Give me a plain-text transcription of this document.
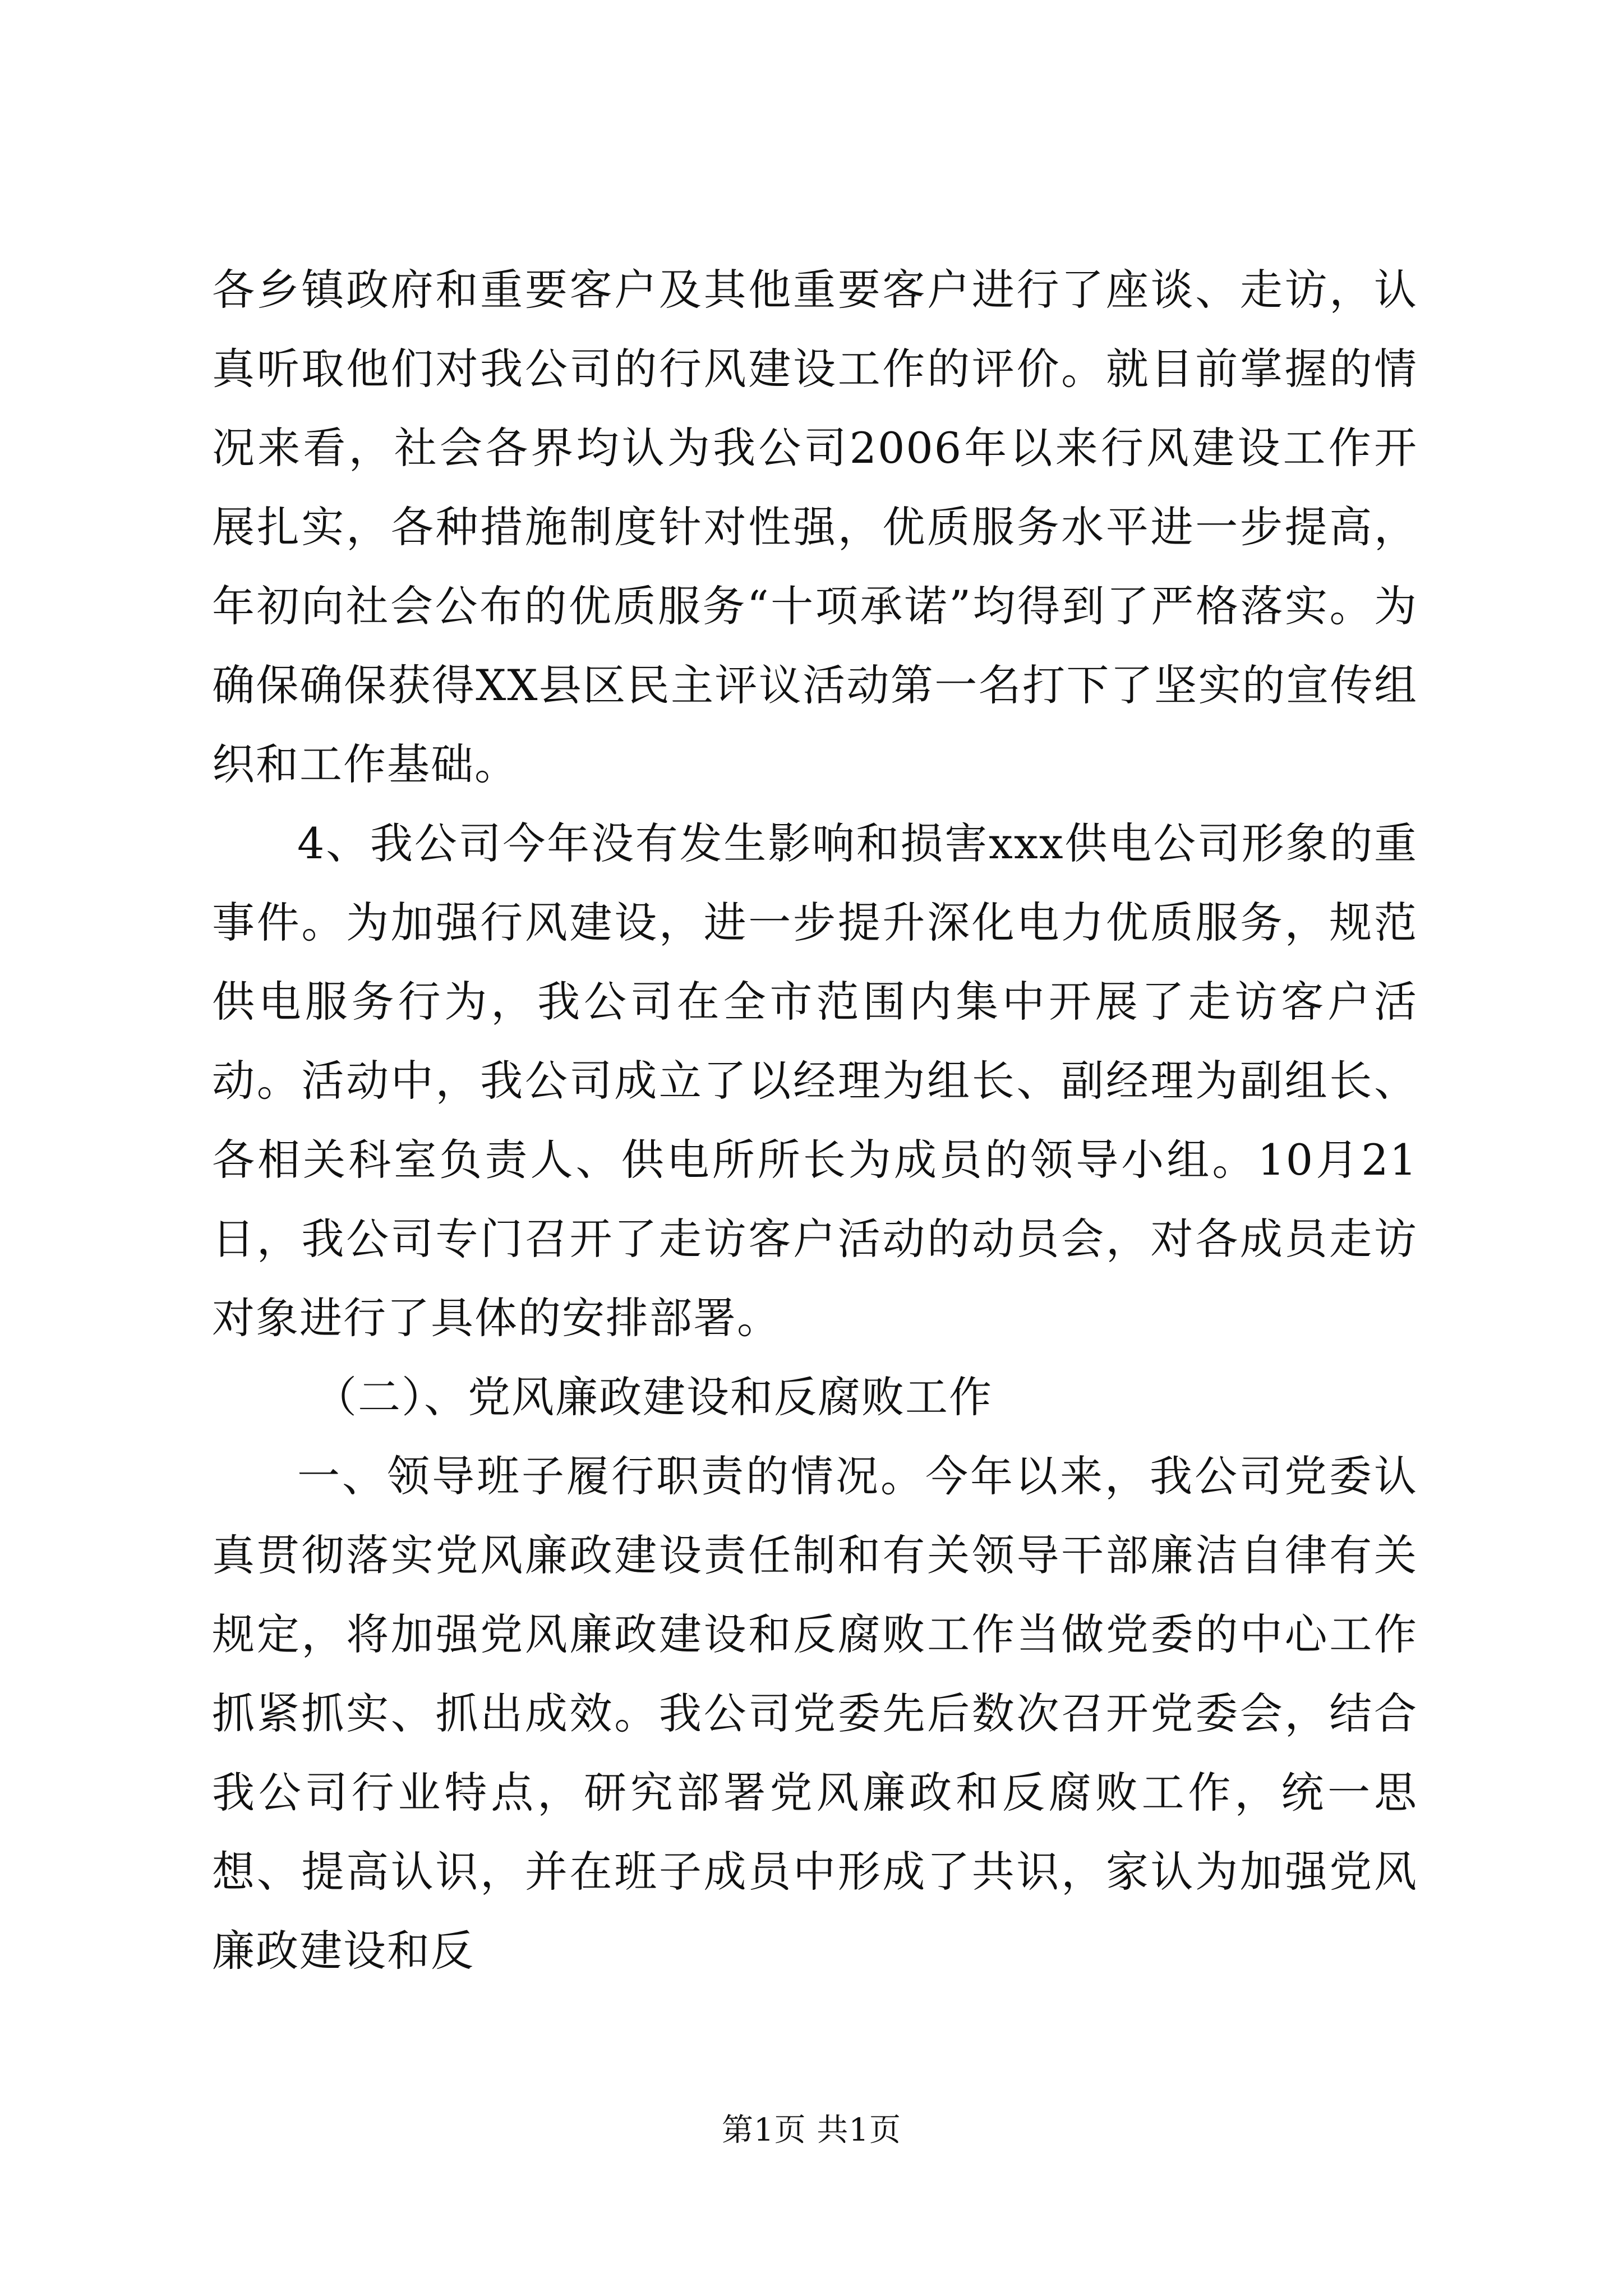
各乡镇政府和重要客户及其他重要客户进行了座谈、走访，认真听取他们对我公司的行风建设工作的评价。就目前掌握的情况来看，社会各界均认为我公司2006年以来行风建设工作开展扎实，各种措施制度针对性强，优质服务水平进一步提高，年初向社会公布的优质服务“十项承诺”均得到了严格落实。为确保确保获得XX县区民主评议活动第一名打下了坚实的宣传组织和工作基础。

4、我公司今年没有发生影响和损害xxx供电公司形象的重事件。为加强行风建设，进一步提升深化电力优质服务，规范供电服务行为，我公司在全市范围内集中开展了走访客户活动。活动中，我公司成立了以经理为组长、副经理为副组长、各相关科室负责人、供电所所长为成员的领导小组。10月21日，我公司专门召开了走访客户活动的动员会，对各成员走访对象进行了具体的安排部署。

（二）、党风廉政建设和反腐败工作

一、领导班子履行职责的情况。今年以来，我公司党委认真贯彻落实党风廉政建设责任制和有关领导干部廉洁自律有关规定，将加强党风廉政建设和反腐败工作当做党委的中心工作抓紧抓实、抓出成效。我公司党委先后数次召开党委会，结合我公司行业特点，研究部署党风廉政和反腐败工作，统一思想、提高认识，并在班子成员中形成了共识，家认为加强党风廉政建设和反

第1页 共1页
